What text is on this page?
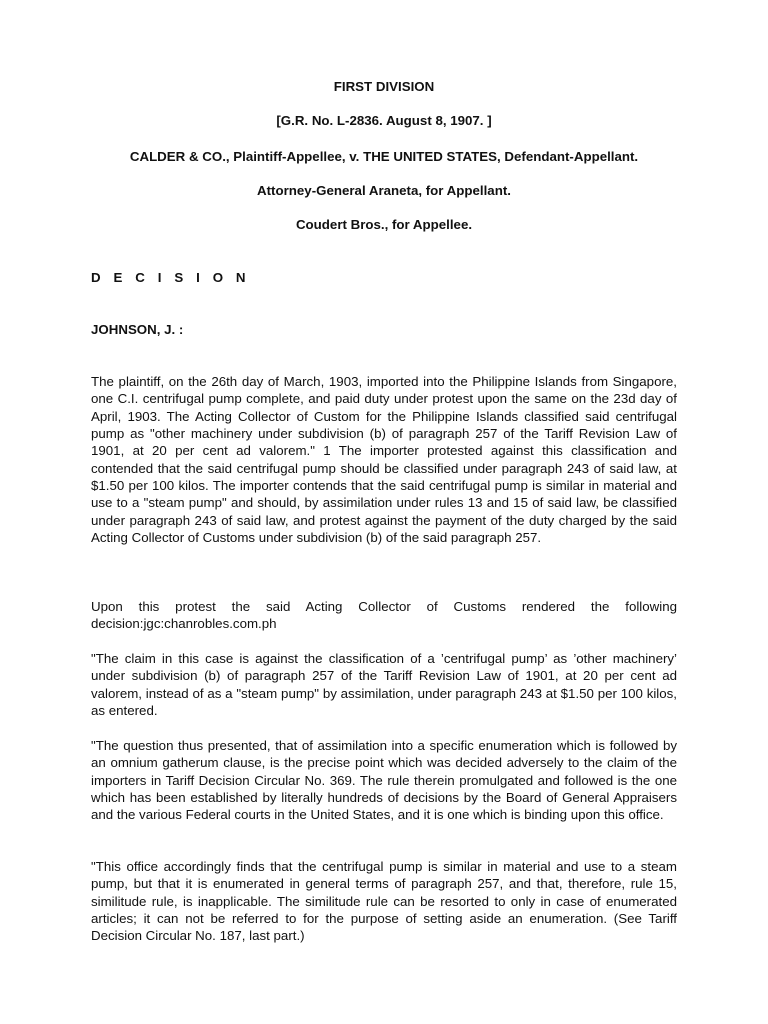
FIRST DIVISION
[G.R. No. L-2836. August 8, 1907. ]
CALDER & CO., Plaintiff-Appellee, v. THE UNITED STATES, Defendant-Appellant.
Attorney-General Araneta, for Appellant.
Coudert Bros., for Appellee.
D E C I S I O N
JOHNSON, J. :

The plaintiff, on the 26th day of March, 1903, imported into the Philippine Islands from Singapore, one C.I. centrifugal pump complete, and paid duty under protest upon the same on the 23d day of April, 1903. The Acting Collector of Custom for the Philippine Islands classified said centrifugal pump as "other machinery under subdivision (b) of paragraph 257 of the Tariff Revision Law of 1901, at 20 per cent ad valorem." 1 The importer protested against this classification and contended that the said centrifugal pump should be classified under paragraph 243 of said law, at $1.50 per 100 kilos. The importer contends that the said centrifugal pump is similar in material and use to a "steam pump" and should, by assimilation under rules 13 and 15 of said law, be classified under paragraph 243 of said law, and protest against the payment of the duty charged by the said Acting Collector of Customs under subdivision (b) of the said paragraph 257.

Upon this protest the said Acting Collector of Customs rendered the following decision:jgc:chanrobles.com.ph

"The claim in this case is against the classification of a ’centrifugal pump’ as ’other machinery’ under subdivision (b) of paragraph 257 of the Tariff Revision Law of 1901, at 20 per cent ad valorem, instead of as a "steam pump" by assimilation, under paragraph 243 at $1.50 per 100 kilos, as entered.

"The question thus presented, that of assimilation into a specific enumeration which is followed by an omnium gatherum clause, is the precise point which was decided adversely to the claim of the importers in Tariff Decision Circular No. 369. The rule therein promulgated and followed is the one which has been established by literally hundreds of decisions by the Board of General Appraisers and the various Federal courts in the United States, and it is one which is binding upon this office.

"This office accordingly finds that the centrifugal pump is similar in material and use to a steam pump, but that it is enumerated in general terms of paragraph 257, and that, therefore, rule 15, similitude rule, is inapplicable. The similitude rule can be resorted to only in case of enumerated articles; it can not be referred to for the purpose of setting aside an enumeration. (See Tariff Decision Circular No. 187, last part.)
